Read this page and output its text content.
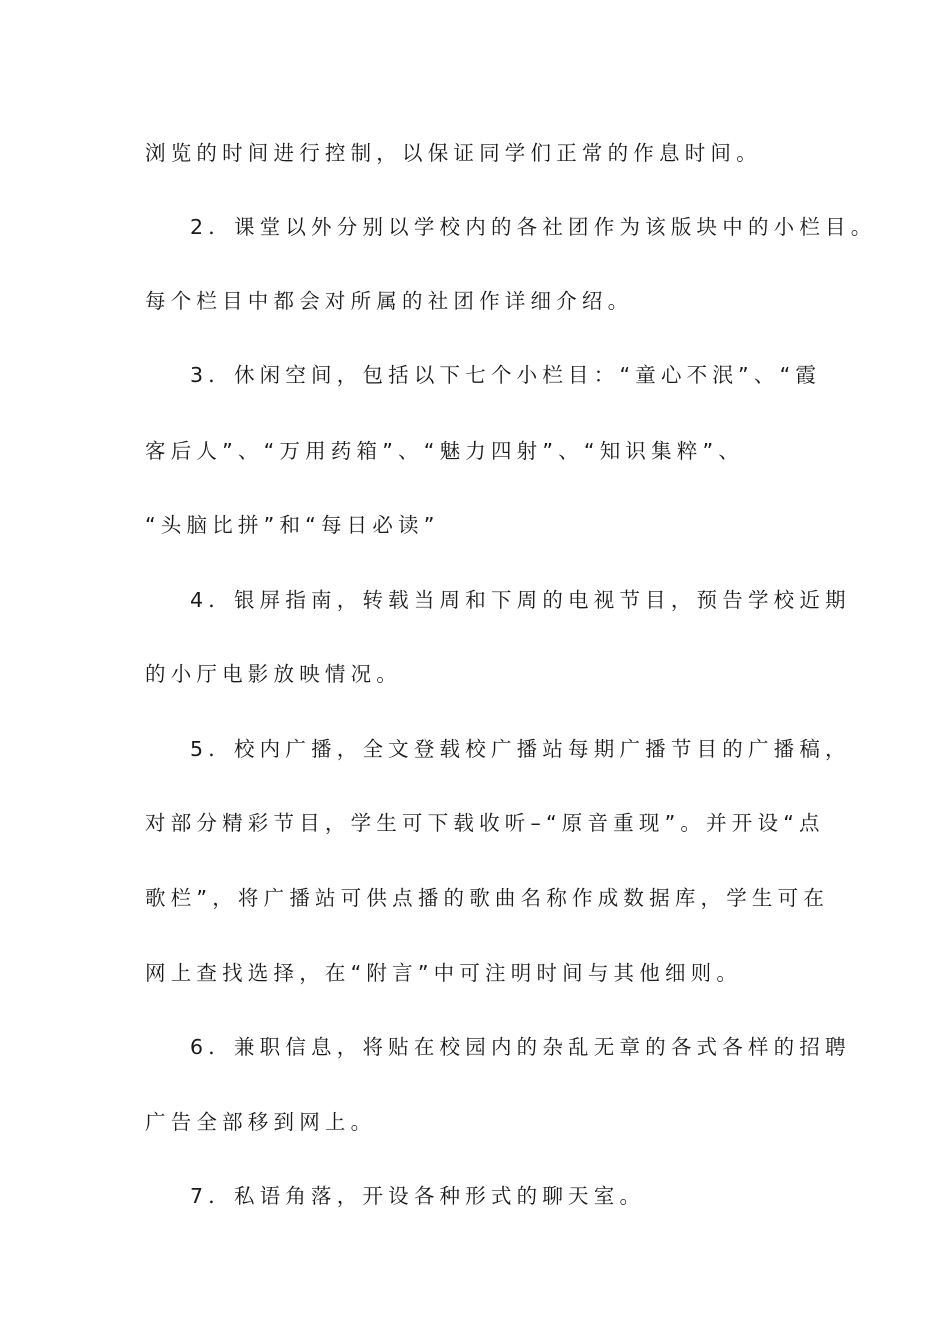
浏览的时间进行控制，以保证同学们正常的作息时间。
2．课堂以外分别以学校内的各社团作为该版块中的小栏目。
每个栏目中都会对所属的社团作详细介绍。
3．休闲空间，包括以下七个小栏目：“童心不泯”、“霞
客后人”、“万用药箱”、“魅力四射”、“知识集粹”、
“头脑比拼”和“每日必读”
4．银屏指南，转载当周和下周的电视节目，预告学校近期
的小厅电影放映情况。
5．校内广播，全文登载校广播站每期广播节目的广播稿，
对部分精彩节目，学生可下载收听–“原音重现”。并开设“点
歌栏”，将广播站可供点播的歌曲名称作成数据库，学生可在
网上查找选择，在“附言”中可注明时间与其他细则。
6．兼职信息，将贴在校园内的杂乱无章的各式各样的招聘
广告全部移到网上。
7．私语角落，开设各种形式的聊天室。
